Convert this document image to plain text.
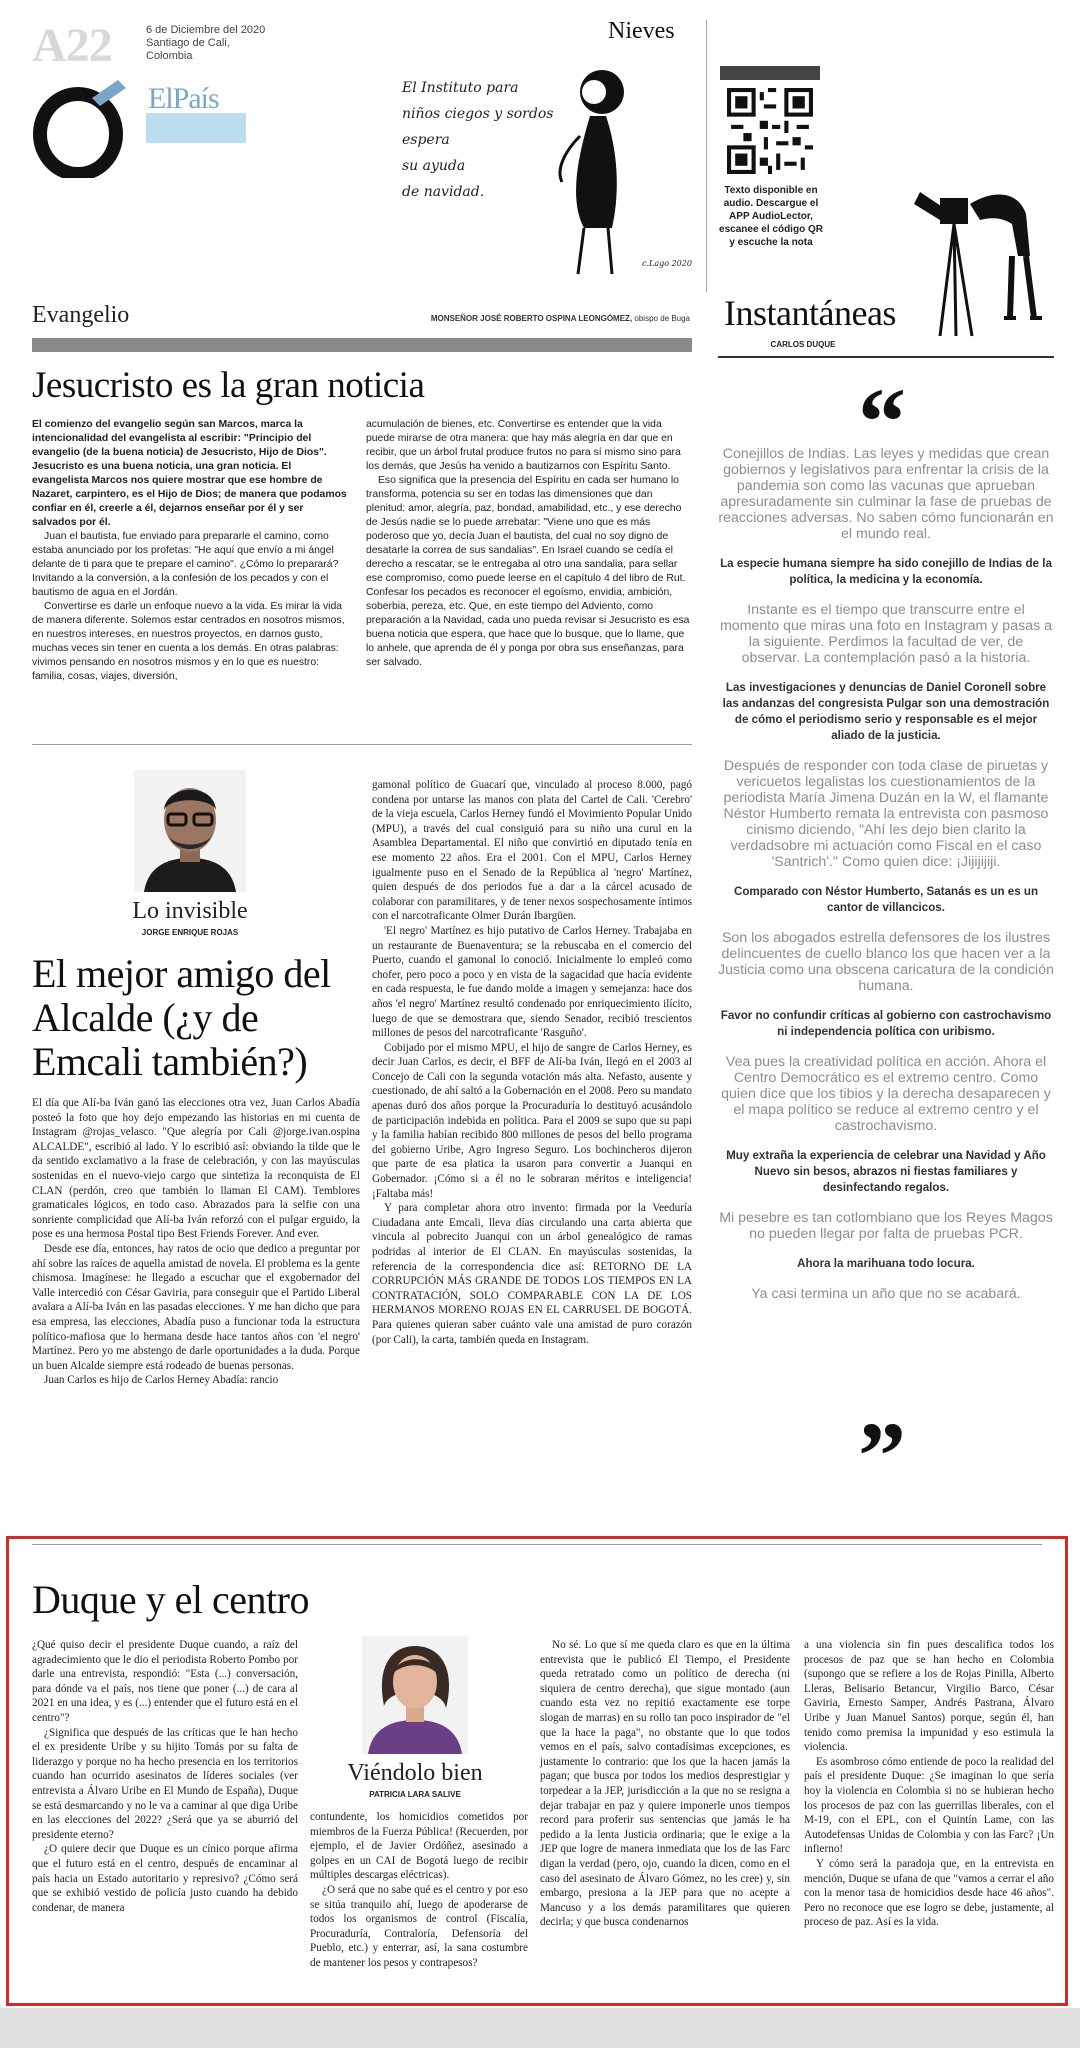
A22	6 de Diciembre del 2020 Santiago de Cali, Colombia
ElPaís
Nieves
El Instituto para
niños ciegos y sordos
espera
su ayuda
de navidad.
c.Lago 2020
Texto disponible en audio. Descargue el APP AudioLector, escanee el código QR y escuche la nota
Evangelio	MONSEÑOR JOSÉ ROBERTO OSPINA LEONGÓMEZ, obispo de Buga
Jesucristo es la gran noticia

El comienzo del evangelio según san Marcos, marca la intencionalidad del evangelista al escribir: "Principio del evangelio (de la buena noticia) de Jesucristo, Hijo de Dios". Jesucristo es una buena noticia, una gran noticia. El evangelista Marcos nos quiere mostrar que ese hombre de Nazaret, carpintero, es el Hijo de Dios; de manera que podamos confiar en él, creerle a él, dejarnos enseñar por él y ser salvados por él.

Juan el bautista, fue enviado para prepararle el camino, como estaba anunciado por los profetas: "He aquí que envío a mi ángel delante de ti para que te prepare el camino". ¿Cómo lo preparará? Invitando a la conversión, a la confesión de los pecados y con el bautismo de agua en el Jordán.

Convertirse es darle un enfoque nuevo a la vida. Es mirar la vida de manera diferente. Solemos estar centrados en nosotros mismos, en nuestros intereses, en nuestros proyectos, en darnos gusto, muchas veces sin tener en cuenta a los demás. En otras palabras: vivimos pensando en nosotros mismos y en lo que es nuestro: familia, cosas, viajes, diversión,

acumulación de bienes, etc. Convertirse es entender que la vida puede mirarse de otra manera: que hay más alegría en dar que en recibir, que un árbol frutal produce frutos no para sí mismo sino para los demás, que Jesús ha venido a bautizarnos con Espíritu Santo.

Eso significa que la presencia del Espíritu en cada ser humano lo transforma, potencia su ser en todas las dimensiones que dan plenitud: amor, alegría, paz, bondad, amabilidad, etc., y ese derecho de Jesús nadie se lo puede arrebatar: "Viene uno que es más poderoso que yo, decía Juan el bautista, del cual no soy digno de desatarle la correa de sus sandalias". En Israel cuando se cedía el derecho a rescatar, se le entregaba al otro una sandalia, para sellar ese compromiso, como puede leerse en el capítulo 4 del libro de Rut. Confesar los pecados es reconocer el egoísmo, envidia, ambición, soberbia, pereza, etc. Que, en este tiempo del Adviento, como preparación a la Navidad, cada uno pueda revisar si Jesucristo es esa buena noticia que espera, que hace que lo busque, que lo llame, que lo anhele, que aprenda de él y ponga por obra sus enseñanzas, para ser salvado.

Instantáneas
CARLOS DUQUE
“

Conejillos de Indias. Las leyes y medidas que crean gobiernos y legislativos para enfrentar la crisis de la pandemia son como las vacunas que aprueban apresuradamente sin culminar la fase de pruebas de reacciones adversas. No saben cómo funcionarán en el mundo real.

La especie humana siempre ha sido conejillo de Indias de la política, la medicina y la economía.

Instante es el tiempo que transcurre entre el momento que miras una foto en Instagram y pasas a la siguiente. Perdimos la facultad de ver, de observar. La contemplación pasó a la historia.

Las investigaciones y denuncias de Daniel Coronell sobre las andanzas del congresista Pulgar son una demostración de cómo el periodismo serio y responsable es el mejor aliado de la justicia.

Después de responder con toda clase de piruetas y vericuetos legalistas los cuestionamientos de la periodista María Jimena Duzán en la W, el flamante Néstor Humberto remata la entrevista con pasmoso cinismo diciendo, "Ahí les dejo bien clarito la verdadsobre mi actuación como Fiscal en el caso 'Santrich'." Como quien dice: ¡Jijijijiji.

Comparado con Néstor Humberto, Satanás es un es un cantor de villancicos.

Son los abogados estrella defensores de los ilustres delincuentes de cuello blanco los que hacen ver a la Justicia como una obscena caricatura de la condición humana.

Favor no confundir críticas al gobierno con castrochavismo ni independencia política con uribismo.

Vea pues la creatividad política en acción. Ahora el Centro Democrático es el extremo centro. Como quien dice que los tibios y la derecha desaparecen y el mapa político se reduce al extremo centro y el castrochavismo.

Muy extraña la experiencia de celebrar una Navidad y Año Nuevo sin besos, abrazos ni fiestas familiares y desinfectando regalos.

Mi pesebre es tan cotlombiano que los Reyes Magos no pueden llegar por falta de pruebas PCR.

Ahora la marihuana todo locura.

Ya casi termina un año que no se acabará.

”
Lo invisible
JORGE ENRIQUE ROJAS
El mejor amigo del Alcalde (¿y de Emcali también?)

El día que Alí-ba Iván ganó las elecciones otra vez, Juan Carlos Abadía posteó la foto que hoy dejo empezando las historias en mi cuenta de Instagram @rojas_velasco. "Que alegría por Cali @jorge.ivan.ospina ALCALDE", escribió al lado. Y lo escribió así: obviando la tilde que le da sentido exclamativo a la frase de celebración, y con las mayúsculas sostenidas en el nuevo-viejo cargo que sintetiza la reconquista de El CLAN (perdón, creo que también lo llaman El CAM). Temblores gramaticales lógicos, en todo caso. Abrazados para la selfie con una sonriente complicidad que Alí-ba Iván reforzó con el pulgar erguido, la pose es una hermosa Postal tipo Best Friends Forever. And ever.

Desde ese día, entonces, hay ratos de ocio que dedico a preguntar por ahí sobre las raíces de aquella amistad de novela. El problema es la gente chismosa. Imagínese: he llegado a escuchar que el exgobernador del Valle intercedió con César Gaviria, para conseguir que el Partido Liberal avalara a Alí-ba Iván en las pasadas elecciones. Y me han dicho que para esa empresa, las elecciones, Abadía puso a funcionar toda la estructura político-mafiosa que lo hermana desde hace tantos años con 'el negro' Martínez. Pero yo me abstengo de darle oportunidades a la duda. Porque un buen Alcalde siempre está rodeado de buenas personas.

Juan Carlos es hijo de Carlos Herney Abadía: rancio

gamonal político de Guacarí que, vinculado al proceso 8.000, pagó condena por untarse las manos con plata del Cartel de Cali. 'Cerebro' de la vieja escuela, Carlos Herney fundó el Movimiento Popular Unido (MPU), a través del cual consiguió para su niño una curul en la Asamblea Departamental. El niño que convirtió en diputado tenía en ese momento 22 años. Era el 2001. Con el MPU, Carlos Herney igualmente puso en el Senado de la República al 'negro' Martínez, quien después de dos periodos fue a dar a la cárcel acusado de colaborar con paramilitares, y de tener nexos sospechosamente íntimos con el narcotraficante Olmer Durán Ibargüen.

'El negro' Martínez es hijo putativo de Carlos Herney. Trabajaba en un restaurante de Buenaventura; se la rebuscaba en el comercio del Puerto, cuando el gamonal lo conoció. Inicialmente lo empleó como chofer, pero poco a poco y en vista de la sagacidad que hacía evidente en cada respuesta, le fue dando molde a imagen y semejanza: hace dos años 'el negro' Martínez resultó condenado por enriquecimiento ilícito, luego de que se demostrara que, siendo Senador, recibió trescientos millones de pesos del narcotraficante 'Rasguño'.

Cobijado por el mismo MPU, el hijo de sangre de Carlos Herney, es decir Juan Carlos, es decir, el BFF de Alí-ba Iván, llegó en el 2003 al Concejo de Cali con la segunda votación más alta. Nefasto, ausente y cuestionado, de ahí saltó a la Gobernación en el 2008. Pero su mandato apenas duró dos años porque la Procuraduría lo destituyó acusándolo de participación indebida en política. Para el 2009 se supo que su papi y la familia habían recibido 800 millones de pesos del bello programa del gobierno Uribe, Agro Ingreso Seguro. Los bochincheros dijeron que parte de esa platica la usaron para convertir a Juanqui en Gobernador. ¡Cómo si a él no le sobraran méritos e inteligencia! ¡Faltaba más!

Y para completar ahora otro invento: firmada por la Veeduría Ciudadana ante Emcali, lleva días circulando una carta abierta que vincula al pobrecito Juanqui con un árbol genealógico de ramas podridas al interior de El CLAN. En mayúsculas sostenidas, la referencia de la correspondencia dice así: RETORNO DE LA CORRUPCIÓN MÁS GRANDE DE TODOS LOS TIEMPOS EN LA CONTRATACIÓN, SOLO COMPARABLE CON LA DE LOS HERMANOS MORENO ROJAS EN EL CARRUSEL DE BOGOTÁ. Para quienes quieran saber cuánto vale una amistad de puro corazón (por Cali), la carta, también queda en Instagram.

Duque y el centro

¿Qué quiso decir el presidente Duque cuando, a raíz del agradecimiento que le dio el periodista Roberto Pombo por darle una entrevista, respondió: "Esta (...) conversación, para dónde va el país, nos tiene que poner (...) de cara al 2021 en una idea, y es (...) entender que el futuro está en el centro"?

¿Significa que después de las críticas que le han hecho el ex presidente Uribe y su hijito Tomás por su falta de liderazgo y porque no ha hecho presencia en los territorios cuando han ocurrido asesinatos de líderes sociales (ver entrevista a Álvaro Uribe en El Mundo de España), Duque se está desmarcando y no le va a caminar al que diga Uribe en las elecciones del 2022? ¿Será que ya se aburrió del presidente eterno?

¿O quiere decir que Duque es un cínico porque afirma que el futuro está en el centro, después de encaminar al país hacia un Estado autoritario y represivo? ¿Cómo será que se exhibió vestido de policía justo cuando ha debido condenar, de manera

Viéndolo bien
PATRICIA LARA SALIVE

contundente, los homicidios cometidos por miembros de la Fuerza Pública! (Recuerden, por ejemplo, el de Javier Ordóñez, asesinado a golpes en un CAI de Bogotá luego de recibir múltiples descargas eléctricas).

¿O será que no sabe qué es el centro y por eso se sitúa tranquilo ahí, luego de apoderarse de todos los organismos de control (Fiscalía, Procuraduría, Contraloría, Defensoría del Pueblo, etc.) y enterrar, así, la sana costumbre de mantener los pesos y contrapesos?

No sé. Lo que sí me queda claro es que en la última entrevista que le publicó El Tiempo, el Presidente queda retratado como un político de derecha (ni siquiera de centro derecha), que sigue montado (aun cuando esta vez no repitió exactamente ese torpe slogan de marras) en su rollo tan poco inspirador de "el que la hace la paga", no obstante que lo que todos vemos en el país, salvo contadísimas excepciones, es justamente lo contrario: que los que la hacen jamás la pagan; que busca por todos los medios desprestigiar y torpedear a la JEP, jurisdicción a la que no se resigna a dejar trabajar en paz y quiere imponerle unos tiempos record para proferir sus sentencias que jamás le ha pedido a la lenta Justicia ordinaria; que le exige a la JEP que logre de manera inmediata que los de las Farc digan la verdad (pero, ojo, cuando la dicen, como en el caso del asesinato de Álvaro Gómez, no les cree) y, sin embargo, presiona a la JEP para que no acepte a Mancuso y a los demás paramilitares que quieren decirla; y que busca condenarnos

a una violencia sin fin pues descalifica todos los procesos de paz que se han hecho en Colombia (supongo que se refiere a los de Rojas Pinilla, Alberto Lleras, Belisario Betancur, Virgilio Barco, César Gaviria, Ernesto Samper, Andrés Pastrana, Álvaro Uribe y Juan Manuel Santos) porque, según él, han tenido como premisa la impunidad y eso estimula la violencia.

Es asombroso cómo entiende de poco la realidad del país el presidente Duque: ¿Se imaginan lo que sería hoy la violencia en Colombia si no se hubieran hecho los procesos de paz con las guerrillas liberales, con el M-19, con el EPL, con el Quintín Lame, con las Autodefensas Unidas de Colombia y con las Farc? ¡Un infierno!

Y cómo será la paradoja que, en la entrevista en mención, Duque se ufana de que "vamos a cerrar el año con la menor tasa de homicidios desde hace 46 años". Pero no reconoce que ese logro se debe, justamente, al proceso de paz. Así es la vida.
